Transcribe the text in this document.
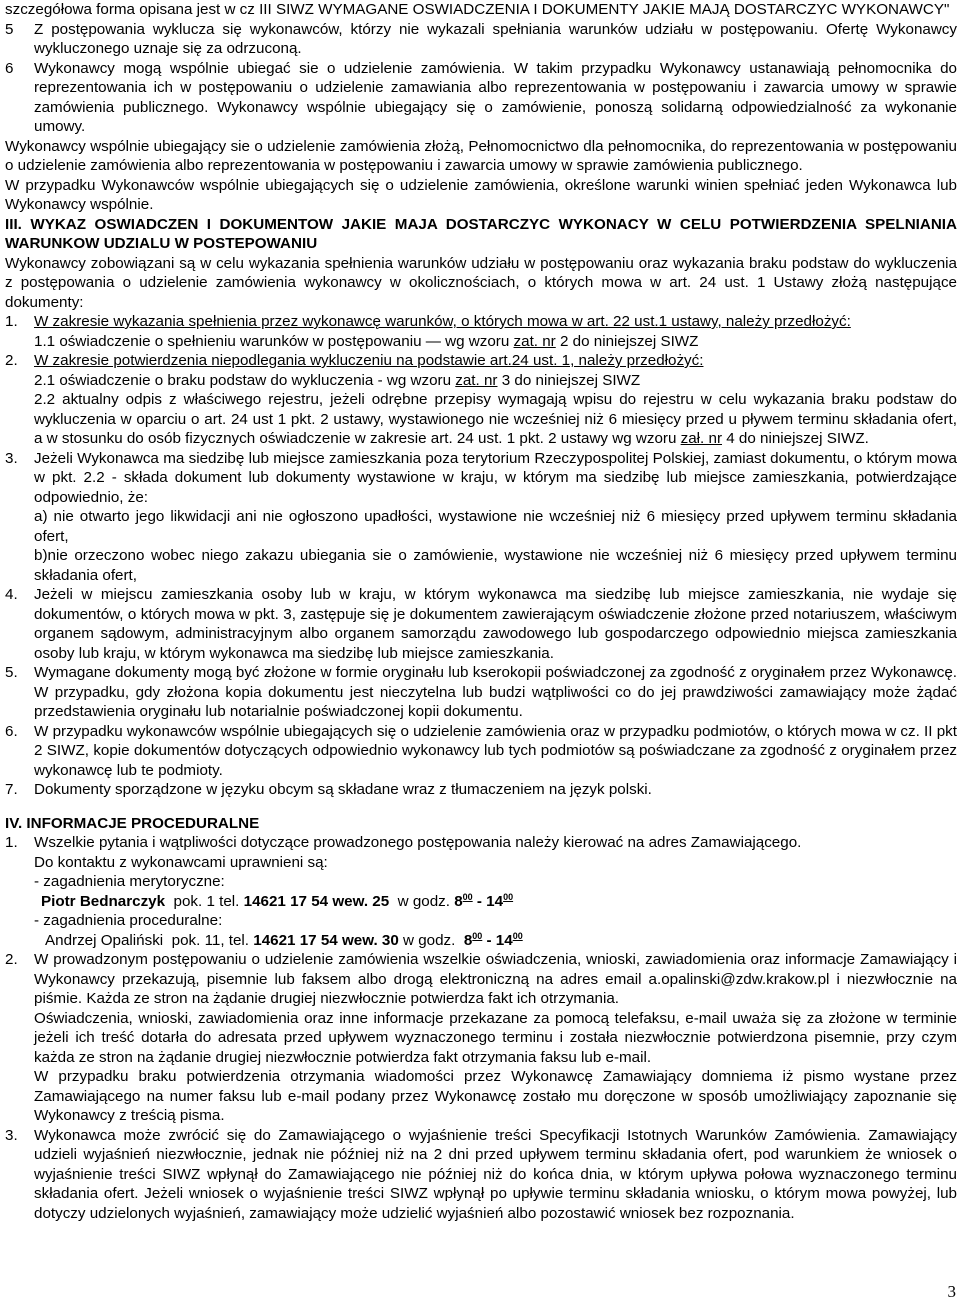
szczegółowa forma opisana jest w cz III SIWZ WYMAGANE OSWIADCZENIA I DOKUMENTY JAKIE MAJĄ DOSTARCZYC WYKONAWCY"

5	Z postępowania wyklucza się wykonawców, którzy nie wykazali spełniania warunków udziału w postępowaniu. Ofertę Wykonawcy wykluczonego uznaje się za odrzuconą.
6	Wykonawcy mogą wspólnie ubiegać sie o udzielenie zamówienia. W takim przypadku Wykonawcy ustanawiają pełnomocnika do reprezentowania ich w postępowaniu o udzielenie zamawiania albo reprezentowania w postępowaniu i zawarcia umowy w sprawie zamówienia publicznego. Wykonawcy wspólnie ubiegający się o zamówienie, ponoszą solidarną odpowiedzialność za wykonanie umowy.

Wykonawcy wspólnie ubiegający sie o udzielenie zamówienia złożą, Pełnomocnictwo dla pełnomocnika, do reprezentowania w postępowaniu o udzielenie zamówienia albo reprezentowania w postępowaniu i zawarcia umowy w sprawie zamówienia publicznego.

W przypadku Wykonawców wspólnie ubiegających się o udzielenie zamówienia, określone warunki winien spełniać jeden Wykonawca lub Wykonawcy wspólnie.

III. WYKAZ OSWIADCZEN I DOKUMENTOW JAKIE MAJA DOSTARCZYC WYKONACY W CELU POTWIERDZENIA SPELNIANIA WARUNKOW UDZIALU W POSTEPOWANIU

Wykonawcy zobowiązani są w celu wykazania spełnienia warunków udziału w postępowaniu oraz wykazania braku podstaw do wykluczenia z postępowania o udzielenie zamówienia wykonawcy w okolicznościach, o których mowa w art. 24 ust. 1 Ustawy złożą następujące dokumenty:

1.	W zakresie wykazania spełnienia przez wykonawcę warunków, o których mowa w art. 22 ust.1 ustawy, należy przedłożyć:

1.1 oświadczenie o spełnieniu warunków w postępowaniu — wg wzoru zat. nr 2 do niniejszej SIWZ

2.	W zakresie potwierdzenia niepodlegania wykluczeniu na podstawie art.24 ust. 1, należy przedłożyć:

2.1 oświadczenie o braku podstaw do wykluczenia - wg wzoru zat. nr 3 do niniejszej SIWZ

2.2 aktualny odpis z właściwego rejestru, jeżeli odrębne przepisy wymagają wpisu do rejestru w celu wykazania braku podstaw do wykluczenia w oparciu o art. 24 ust 1 pkt. 2 ustawy, wystawionego nie wcześniej niż 6 miesięcy przed u pływem terminu składania ofert, a w stosunku do osób fizycznych oświadczenie w zakresie art. 24 ust. 1 pkt. 2 ustawy wg wzoru zał. nr 4 do niniejszej SIWZ.

3.	Jeżeli Wykonawca ma siedzibę lub miejsce zamieszkania poza terytorium Rzeczypospolitej Polskiej, zamiast dokumentu, o którym mowa w pkt. 2.2 - składa dokument lub dokumenty wystawione w kraju, w którym ma siedzibę lub miejsce zamieszkania, potwierdzające odpowiednio, że:

a) nie otwarto jego likwidacji ani nie ogłoszono upadłości, wystawione nie wcześniej niż 6 miesięcy przed upływem terminu składania ofert,

b)nie orzeczono wobec niego zakazu ubiegania sie o zamówienie, wystawione nie wcześniej niż 6 miesięcy przed upływem terminu składania ofert,

4.	Jeżeli w miejscu zamieszkania osoby lub w kraju, w którym wykonawca ma siedzibę lub miejsce zamieszkania, nie wydaje się dokumentów, o których mowa w pkt. 3, zastępuje się je dokumentem zawierającym oświadczenie złożone przed notariuszem, właściwym organem sądowym, administracyjnym albo organem samorządu zawodowego lub gospodarczego odpowiednio miejsca zamieszkania osoby lub kraju, w którym wykonawca ma siedzibę lub miejsce zamieszkania.
5.	Wymagane dokumenty mogą być złożone w formie oryginału lub kserokopii poświadczonej za zgodność z oryginałem przez Wykonawcę. W przypadku, gdy złożona kopia dokumentu jest nieczytelna lub budzi wątpliwości co do jej prawdziwości zamawiający może żądać przedstawienia oryginału lub notarialnie poświadczonej kopii dokumentu.
6.	W przypadku wykonawców wspólnie ubiegających się o udzielenie zamówienia oraz w przypadku podmiotów, o których mowa w cz. II pkt 2 SIWZ, kopie dokumentów dotyczących odpowiednio wykonawcy lub tych podmiotów są poświadczane za zgodność z oryginałem przez wykonawcę lub te podmioty.
7.	Dokumenty sporządzone w języku obcym są składane wraz z tłumaczeniem na język polski.

IV. INFORMACJE PROCEDURALNE

1.	Wszelkie pytania i wątpliwości dotyczące prowadzonego postępowania należy kierować na adres Zamawiającego.

Do kontaktu z wykonawcami uprawnieni są:

- zagadnienia merytoryczne:

Piotr Bednarczyk pok. 1 tel. 14621 17 54 wew. 25 w godz. $8^{00} - 14^{00}$

- zagadnienia proceduralne:

Andrzej Opaliński pok. 11, tel. 14621 17 54 wew. 30 w godz. $8^{00} - 14^{00}$

2.	W prowadzonym postępowaniu o udzielenie zamówienia wszelkie oświadczenia, wnioski, zawiadomienia oraz informacje Zamawiający i Wykonawcy przekazują, pisemnie lub faksem albo drogą elektroniczną na adres email a.opalinski@zdw.krakow.pl i niezwłocznie na piśmie. Każda ze stron na żądanie drugiej niezwłocznie potwierdza fakt ich otrzymania.

Oświadczenia, wnioski, zawiadomienia oraz inne informacje przekazane za pomocą telefaksu, e-mail uważa się za złożone w terminie jeżeli ich treść dotarła do adresata przed upływem wyznaczonego terminu i została niezwłocznie potwierdzona pisemnie, przy czym każda ze stron na żądanie drugiej niezwłocznie potwierdza fakt otrzymania faksu lub e-mail.

W przypadku braku potwierdzenia otrzymania wiadomości przez Wykonawcę Zamawiający domniema iż pismo wystane przez Zamawiającego na numer faksu lub e-mail podany przez Wykonawcę zostało mu doręczone w sposób umożliwiający zapoznanie się Wykonawcy z treścią pisma.

3.	Wykonawca może zwrócić się do Zamawiającego o wyjaśnienie treści Specyfikacji Istotnych Warunków Zamówienia. Zamawiający udzieli wyjaśnień niezwłocznie, jednak nie później niż na 2 dni przed upływem terminu składania ofert, pod warunkiem że wniosek o wyjaśnienie treści SIWZ wpłynął do Zamawiającego nie później niż do końca dnia, w którym upływa połowa wyznaczonego terminu składania ofert. Jeżeli wniosek o wyjaśnienie treści SIWZ wpłynął po upływie terminu składania wniosku, o którym mowa powyżej, lub dotyczy udzielonych wyjaśnień, zamawiający może udzielić wyjaśnień albo pozostawić wniosek bez rozpoznania.
3
